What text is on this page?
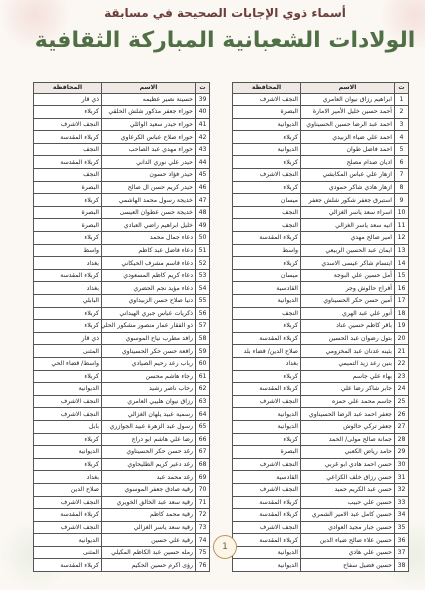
أسماء ذوي الإجابات الصحيحة في مسابقة
الولادات الشعبانية المباركة الثقافية
ت	الاسم	المحافظة
1	ابراهيم رزاق نيوان العامري	النجف الاشرف
2	أحمد حسين خليل الأمير الامارة	البصرة
3	احمد عبد الرضا حسين الحسيناوي	الديوانية
4	احمد علي ضياء الزبيدي	كربلاء
5	احمد فاضل طوان	الديوانية
6	اديان صدام مصلح	كربلاء
7	ازهار علي عباس المكابشي	النجف الاشرف
8	ازهار هادي شاكر حمودي	كربلاء
9	استبرق جعفر شكور شلش جعفر	ميسان
10	اسراء سعد ياسر الغزالي	النجف
11	انيه سعد ياسر الغزالي	النجف
12	امير صالح مهدي	كربلاء المقدسة
13	ايمان عبد الحسين الربيعي	واسط
14	ايتسام شاكر عيسى الاسدي	كربلاء
15	أمل حسين علي البوجة	ميسان
16	أفراح حالوش وجر	القادسية
17	أمين حسن حكر الحسيناوي	الديوانية
18	أنور علي عبد الهري	النجف
19	باقر كاظم حسين عناد	كربلاء
20	بتول رضوان عبد الحسين	كربلاء المقدسة
21	بثينه عدنان عبد المخزومي	صلاح الدين/ قضاء بلد
22	بنين رعد زيد التميمي	بغداد
23	بهاء علي جاسم	كربلاء
24	جابر شاكر رضا علي	كربلاء المقدسة
25	جاسم محمد علي حمزه	النجف الاشرف
26	جعفر احمد عبد الرضا الحسيناوي	الديوانية
27	جعفر تركي حالوش	الديوانية
28	جمانة صالح مولى/ الحمد	كربلاء
29	حامد رياض الكعبي	البصرة
30	حسن احمد هادي ابو غربي	النجف الاشرف
31	حسن رزاق خلف الكزاعي	القادسية
32	حسن عبد الكريم حميد	النجف الاشرف
33	حسين علي حبيب	كربلاء المقدسة
34	حسين كامل عبد الامير الشمري	كربلاء المقدسة
35	حسين جبار مجيد العوادي	النجف الاشرف
36	حسين علاء صالح ضياء الدين	كربلاء المقدسة
37	حسين علي هادي	الديوانية
38	حسين فضيل سفاح	الديوانية
ت	الاسم	المحافظة
39	حسينة نصير عظيمه	ذي قار
40	حوراء جعفر مذكور شلش الحلقي	كربلاء
41	حوراء حيدر سعيد الوائلي	النجف الاشرف
42	حوراء صلاح عباس الكرعاوي	كربلاء المقدسة
43	حوراء مهدي عبد الصاحب	النجف
44	حيدر علي نوري الداني	كربلاء المقدسة
45	حيدر فؤاد حسون	النجف
46	حيدر كريم حسن ال صالح	البصرة
47	خديجة رسول محمد الهاشمي	كربلاء
48	خديجة حسن عطوان العيسى	البصرة
49	خليل ابراهيم راضي العبادي	البصرة
50	دعاء جمال محمد	كربلاء
51	دعاء فاضل عبد كاظم	واسط
52	دعاء قاسم مشرف الحيكاني	بغداد
53	دعاء كريم كاظم المسعودي	كربلاء المقدسة
54	دعاء مؤيد نجم الحضري	بغداد
55	دنيا صلاح حسن الزبيداوي	البابلي
56	ذكريات عباس جبري الهيداني	كربلاء
57	ذو الفقار عمار منصور مشكور الحلي	كربلاء
58	رافد مطرب نياح الموسوي	ذي قار
59	رافعة حسن حكر الحسيناوي	المثنى
60	رباب رعد رحيم الصيادي	واسط/ قضاء الحي
61	رجاء هاشم محسن	كربلاء
62	رحاب ناصر رشيد	الديوانية
63	رزاق نيوان هليبي العامري	النجف الاشرف
64	رسمية عبيد يلهان الغزالي	النجف الاشرف
65	رسول عبد الزهرة عبيد الجوازري	بابل
66	رضا علي هاشم ابو دراج	كربلاء
67	رغد حسن حكر الحسيناوي	الديوانية
68	رغد دعير كريم الطليحاوي	كربلاء
69	رغد محمد عبد	بغداد
70	رقية صادق جعفر الموسوي	صلاح الدين
71	رقية سعد عبد الخالق الخويري	النجف الاشرف
72	رقية محمد كاظم	كربلاء المقدسة
73	رقية سعد ياسر الغزالي	النجف الاشرف
74	رقية علي حسين	الديوانية
75	رمله حسين عبد الكاظم المكيلي	المثنى
76	رؤى اكرم حسين الحكيم	كربلاء المقدسة
1
